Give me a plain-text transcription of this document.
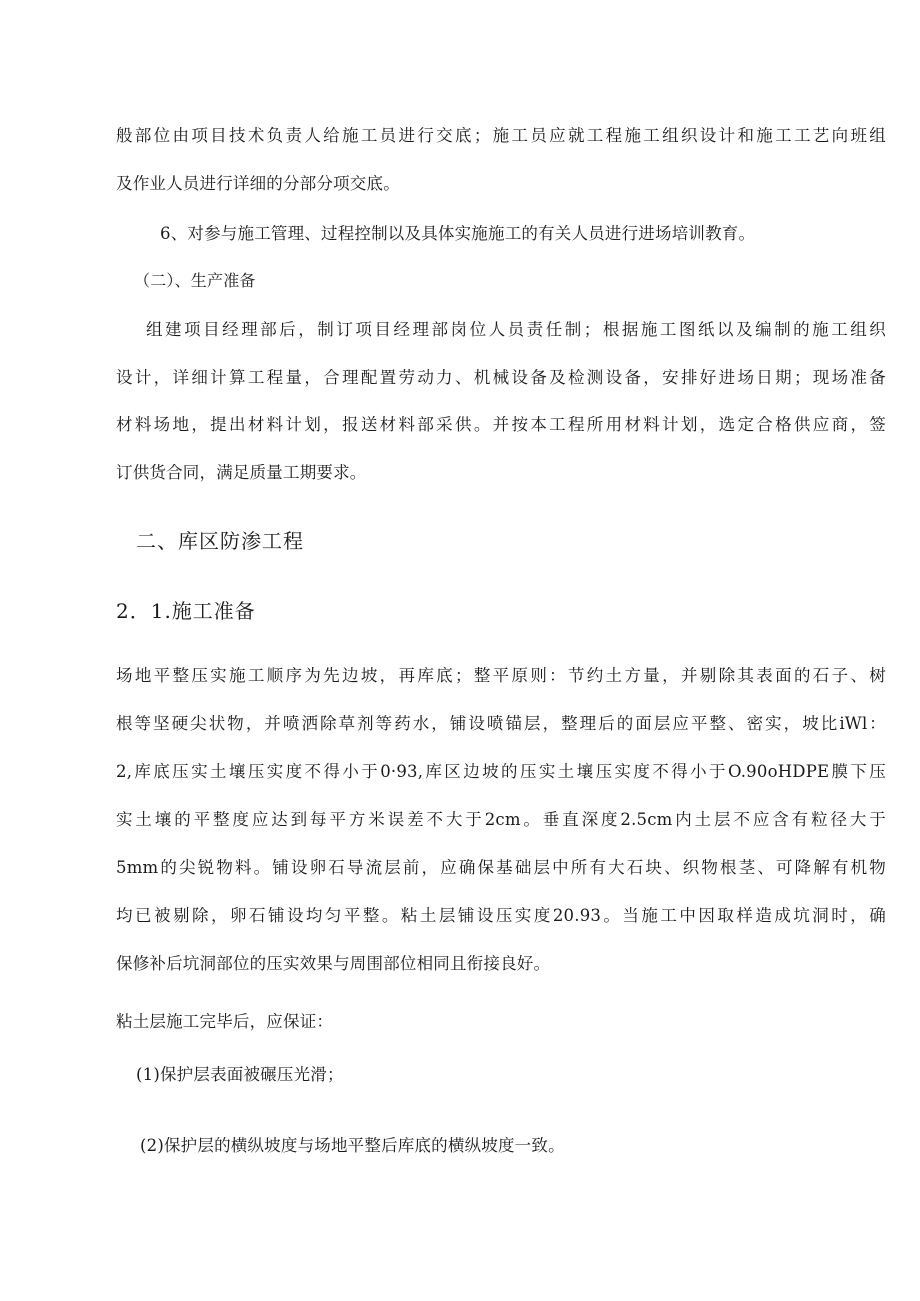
般部位由项目技术负责人给施工员进行交底；施工员应就工程施工组织设计和施工工艺向班组

及作业人员进行详细的分部分项交底。

6、对参与施工管理、过程控制以及具体实施施工的有关人员进行进场培训教育。

（二）、生产准备

组建项目经理部后，制订项目经理部岗位人员责任制；根据施工图纸以及编制的施工组织

设计，详细计算工程量，合理配置劳动力、机械设备及检测设备，安排好进场日期；现场准备

材料场地，提出材料计划，报送材料部采供。并按本工程所用材料计划，选定合格供应商，签

订供货合同，满足质量工期要求。

二、库区防渗工程

2．1.施工准备

场地平整压实施工顺序为先边坡，再库底；整平原则：节约土方量，并剔除其表面的石子、树

根等坚硬尖状物，并喷洒除草剂等药水，铺设喷锚层，整理后的面层应平整、密实，坡比iWl：

2,库底压实土壤压实度不得小于0·93,库区边坡的压实土壤压实度不得小于O.90oHDPE膜下压

实土壤的平整度应达到每平方米误差不大于2cm。垂直深度2.5cm内土层不应含有粒径大于

5mm的尖锐物料。铺设卵石导流层前，应确保基础层中所有大石块、织物根茎、可降解有机物

均已被剔除，卵石铺设均匀平整。粘土层铺设压实度20.93。当施工中因取样造成坑洞时，确

保修补后坑洞部位的压实效果与周围部位相同且衔接良好。

粘土层施工完毕后，应保证：

(1)保护层表面被碾压光滑；

(2)保护层的横纵坡度与场地平整后库底的横纵坡度一致。
